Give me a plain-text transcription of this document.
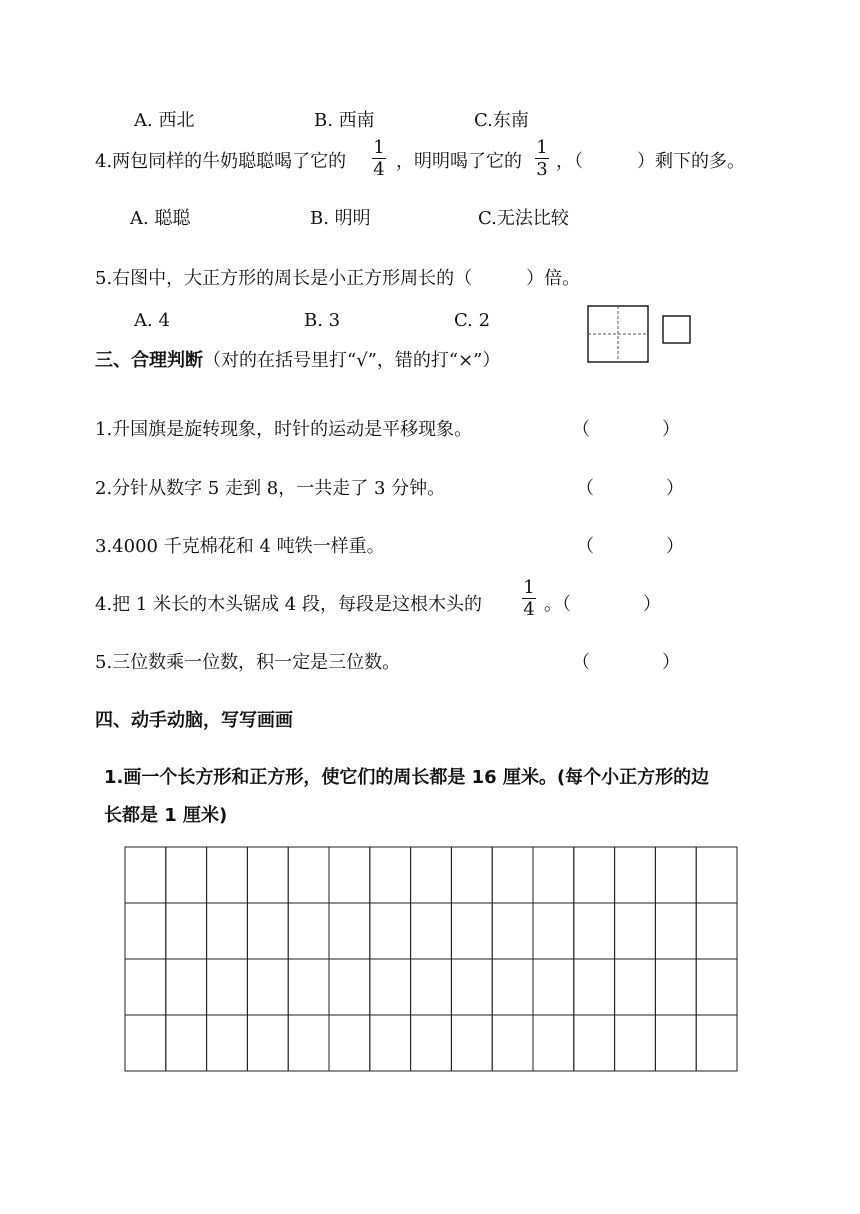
A. 西北	B. 西南	C.东南
4.两包同样的牛奶聪聪喝了它的
1
4 ，明明喝了它的
1
3 ，（　　　）剩下的多。
A. 聪聪	B. 明明	C.无法比较
5.右图中，大正方形的周长是小正方形周长的（　　　）倍。
A. 4	B. 3	C. 2
三、合理判断（对的在括号里打“√”，错的打“×”）
1.升国旗是旋转现象，时针的运动是平移现象。	（　　　　）
2.分针从数字 5 走到 8，一共走了 3 分钟。	（　　　　）
3.4000 千克棉花和 4 吨铁一样重。	（　　　　）
4.把 1 米长的木头锯成 4 段，每段是这根木头的
1
4 。（　　　　）
5.三位数乘一位数，积一定是三位数。	（　　　　）
四、动手动脑，写写画画
1.画一个长方形和正方形，使它们的周长都是 16 厘米。(每个小正方形的边
长都是 1 厘米)
